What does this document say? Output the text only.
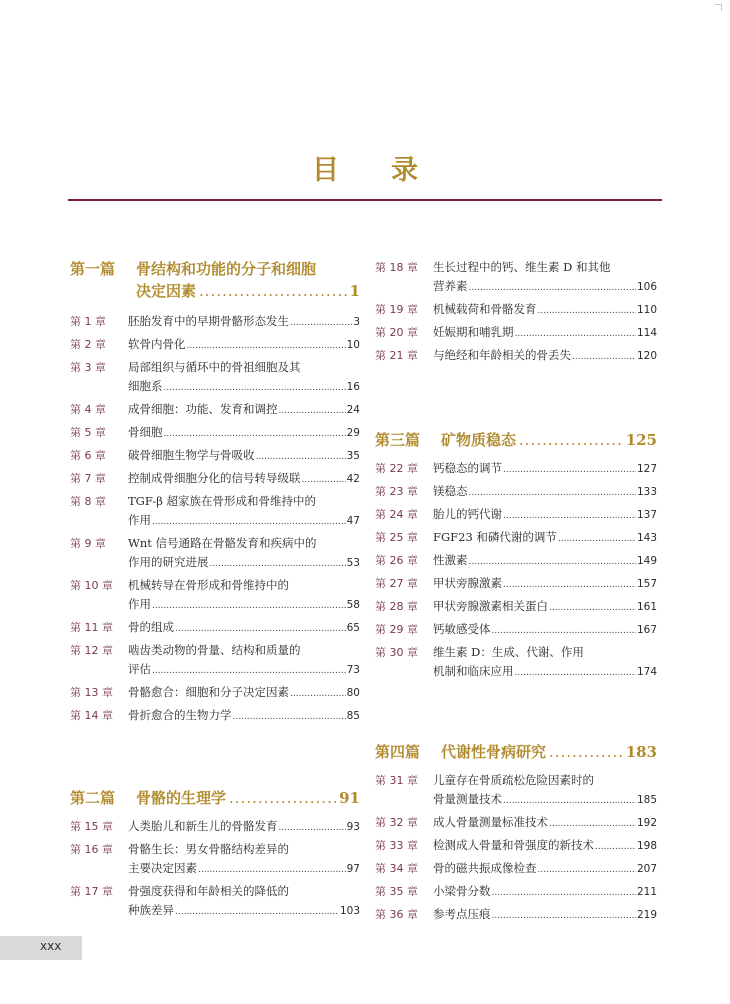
目 录
第一篇	骨结构和功能的分子和细胞
决定因素 .....	1
第 1 章	胚胎发育中的早期骨骼形态发生 .....	3
第 2 章	软骨内骨化 .....	10
第 3 章	局部组织与循环中的骨祖细胞及其
细胞系 .....	16
第 4 章	成骨细胞：功能、发育和调控 .....	24
第 5 章	骨细胞 .....	29
第 6 章	破骨细胞生物学与骨吸收 .....	35
第 7 章	控制成骨细胞分化的信号转导级联 .....	42
第 8 章	TGF-β 超家族在骨形成和骨维持中的
作用 .....	47
第 9 章	Wnt 信号通路在骨骼发育和疾病中的
作用的研究进展 .....	53
第 10 章	机械转导在骨形成和骨维持中的
作用 .....	58
第 11 章	骨的组成 .....	65
第 12 章	啮齿类动物的骨量、结构和质量的
评估 .....	73
第 13 章	骨骼愈合：细胞和分子决定因素 .....	80
第 14 章	骨折愈合的生物力学 .....	85
第二篇	骨骼的生理学 .....	91
第 15 章	人类胎儿和新生儿的骨骼发育 .....	93
第 16 章	骨骼生长：男女骨骼结构差异的
主要决定因素 .....	97
第 17 章	骨强度获得和年龄相关的降低的
种族差异 .....	103
第 18 章	生长过程中的钙、维生素 D 和其他
营养素 .....	106
第 19 章	机械载荷和骨骼发育 .....	110
第 20 章	妊娠期和哺乳期 .....	114
第 21 章	与绝经和年龄相关的骨丢失 .....	120
第三篇	矿物质稳态 .....	125
第 22 章	钙稳态的调节 .....	127
第 23 章	镁稳态 .....	133
第 24 章	胎儿的钙代谢 .....	137
第 25 章	FGF23 和磷代谢的调节 .....	143
第 26 章	性激素 .....	149
第 27 章	甲状旁腺激素 .....	157
第 28 章	甲状旁腺激素相关蛋白 .....	161
第 29 章	钙敏感受体 .....	167
第 30 章	维生素 D：生成、代谢、作用
机制和临床应用 .....	174
第四篇	代谢性骨病研究 .....	183
第 31 章	儿童存在骨质疏松危险因素时的
骨量测量技术 .....	185
第 32 章	成人骨量测量标准技术 .....	192
第 33 章	检测成人骨量和骨强度的新技术 .....	198
第 34 章	骨的磁共振成像检查 .....	207
第 35 章	小梁骨分数 .....	211
第 36 章	参考点压痕 .....	219
xxx
